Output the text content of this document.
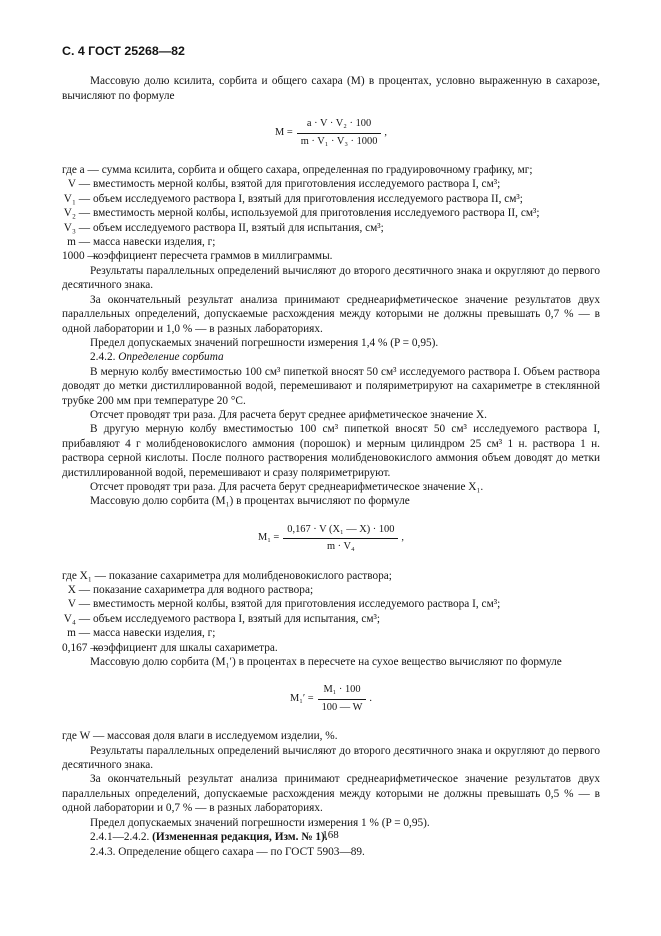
С. 4 ГОСТ 25268—82

Массовую долю ксилита, сорбита и общего сахара (M) в процентах, условно выраженную в сахарозе, вычисляют по формуле

$M = \frac{\text{a · V · V₂ · 100}}{\text{m · V₁ · V₃ · 1000}}$ ,
где a — сумма ксилита, сорбита и общего сахара, определенная по градуировочному графику, мг;
V — вместимость мерной колбы, взятой для приготовления исследуемого раствора I, см³;
V₁ — объем исследуемого раствора I, взятый для приготовления исследуемого раствора II, см³;
V₂ — вместимость мерной колбы, используемой для приготовления исследуемого раствора II, см³;
V₃ — объем исследуемого раствора II, взятый для испытания, см³;
m — масса навески изделия, г;
1000 —
коэффициент пересчета граммов в миллиграммы.

Результаты параллельных определений вычисляют до второго десятичного знака и округляют до первого десятичного знака.

За окончательный результат анализа принимают среднеарифметическое значение результатов двух параллельных определений, допускаемые расхождения между которыми не должны превышать 0,7 % — в одной лаборатории и 1,0 % — в разных лабораториях.

Предел допускаемых значений погрешности измерения 1,4 % (P = 0,95).

2.4.2. Определение сорбита

В мерную колбу вместимостью 100 см³ пипеткой вносят 50 см³ исследуемого раствора I. Объем раствора доводят до метки дистиллированной водой, перемешивают и поляриметрируют на сахариметре в стеклянной трубке 200 мм при температуре 20 °С.

Отсчет проводят три раза. Для расчета берут среднее арифметическое значение X.

В другую мерную колбу вместимостью 100 см³ пипеткой вносят 50 см³ исследуемого раствора I, прибавляют 4 г молибденовокислого аммония (порошок) и мерным цилиндром 25 см³ 1 н. раствора 1 н. раствора серной кислоты. После полного растворения молибденовокислого аммония объем доводят до метки дистиллированной водой, перемешивают и сразу поляриметрируют.

Отсчет проводят три раза. Для расчета берут среднеарифметическое значение X₁.

Массовую долю сорбита (M₁) в процентах вычисляют по формуле

$M_1 = \frac{\text{0,167 · V (X₁ — X) · 100}}{\text{m · V₄}}$ ,
где X₁ — показание сахариметра для молибденовокислого раствора;
X — показание сахариметра для водного раствора;
V — вместимость мерной колбы, взятой для приготовления исследуемого раствора I, см³;
V₄ — объем исследуемого раствора I, взятый для испытания, см³;
m — масса навески изделия, г;
0,167 —
коэффициент для шкалы сахариметра.

Массовую долю сорбита (M₁′) в процентах в пересчете на сухое вещество вычисляют по формуле

$M_1' = \frac{\text{M₁ · 100}}{100 — W}$ .

где W — массовая доля влаги в исследуемом изделии, %.

Результаты параллельных определений вычисляют до второго десятичного знака и округляют до первого десятичного знака.

За окончательный результат анализа принимают среднеарифметическое значение результатов двух параллельных определений, допускаемые расхождения между которыми не должны превышать 0,5 % — в одной лаборатории и 0,7 % — в разных лабораториях.

Предел допускаемых значений погрешности измерения 1 % (P = 0,95).

2.4.1—2.4.2. (Измененная редакция, Изм. № 1).

2.4.3. Определение общего сахара — по ГОСТ 5903—89.

168
